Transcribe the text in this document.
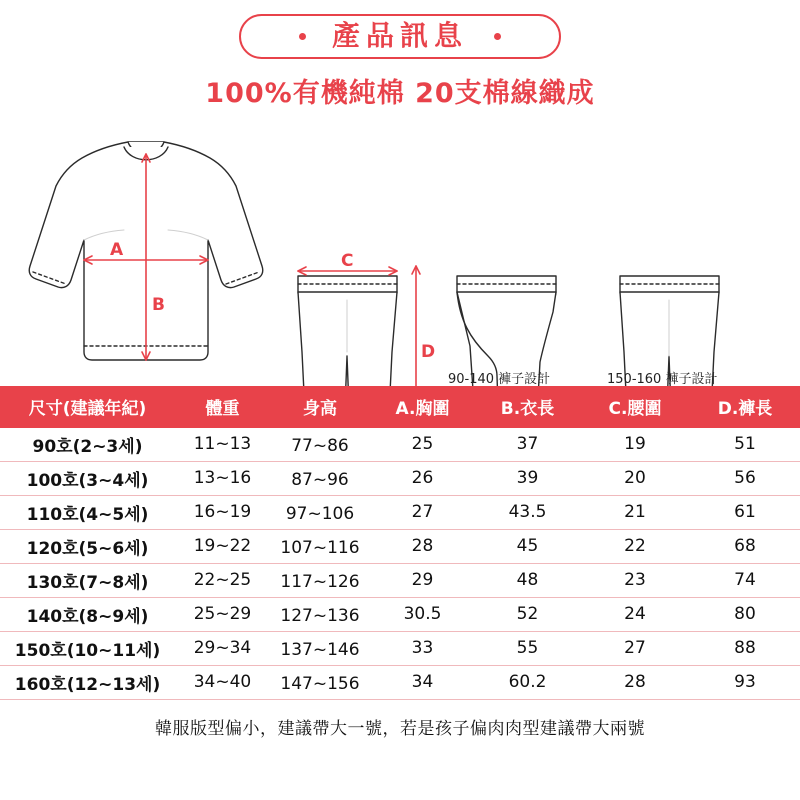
產品訊息
100%有機純棉 20支棉線織成
A
B
C
D
90-140 褲子設計	150-160 褲子設計
尺寸(建議年紀)	體重	身高	A.胸圍	B.衣長	C.腰圍	D.褲長
90호(2~3세)	11~13	77~86	25	37	19	51
100호(3~4세)	13~16	87~96	26	39	20	56
110호(4~5세)	16~19	97~106	27	43.5	21	61
120호(5~6세)	19~22	107~116	28	45	22	68
130호(7~8세)	22~25	117~126	29	48	23	74
140호(8~9세)	25~29	127~136	30.5	52	24	80
150호(10~11세)	29~34	137~146	33	55	27	88
160호(12~13세)	34~40	147~156	34	60.2	28	93
韓服版型偏小，建議帶大一號，若是孩子偏肉肉型建議帶大兩號
